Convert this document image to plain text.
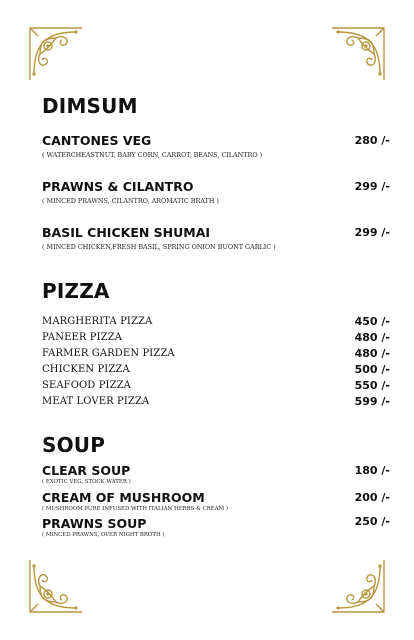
DIMSUM
CANTONES VEG	280 /-
( WATERCHEASTNUT, BABY CORN, CARROT, BEANS, CILANTRO )
PRAWNS & CILANTRO	299 /-
( MINCED PRAWNS, CILANTRO, AROMATIC BRATH )
BASIL CHICKEN SHUMAI	299 /-
( MINCED CHICKEN,FRESH BASIL, SPRING ONION BUONT GARLIC )
PIZZA
MARGHERITA PIZZA	450 /-
PANEER PIZZA	480 /-
FARMER GARDEN PIZZA	480 /-
CHICKEN PIZZA	500 /-
SEAFOOD PIZZA	550 /-
MEAT LOVER PIZZA	599 /-
SOUP
CLEAR SOUP	180 /-
( EXOTIC VEG, STOCK WATER )
CREAM OF MUSHROOM	200 /-
( MUSHROOM PURE INFUSED WITH ITALIAN HERBS & CREAM )
PRAWNS SOUP	250 /-
( MINCED PRAWNS, OVER NIGHT BROTH )
